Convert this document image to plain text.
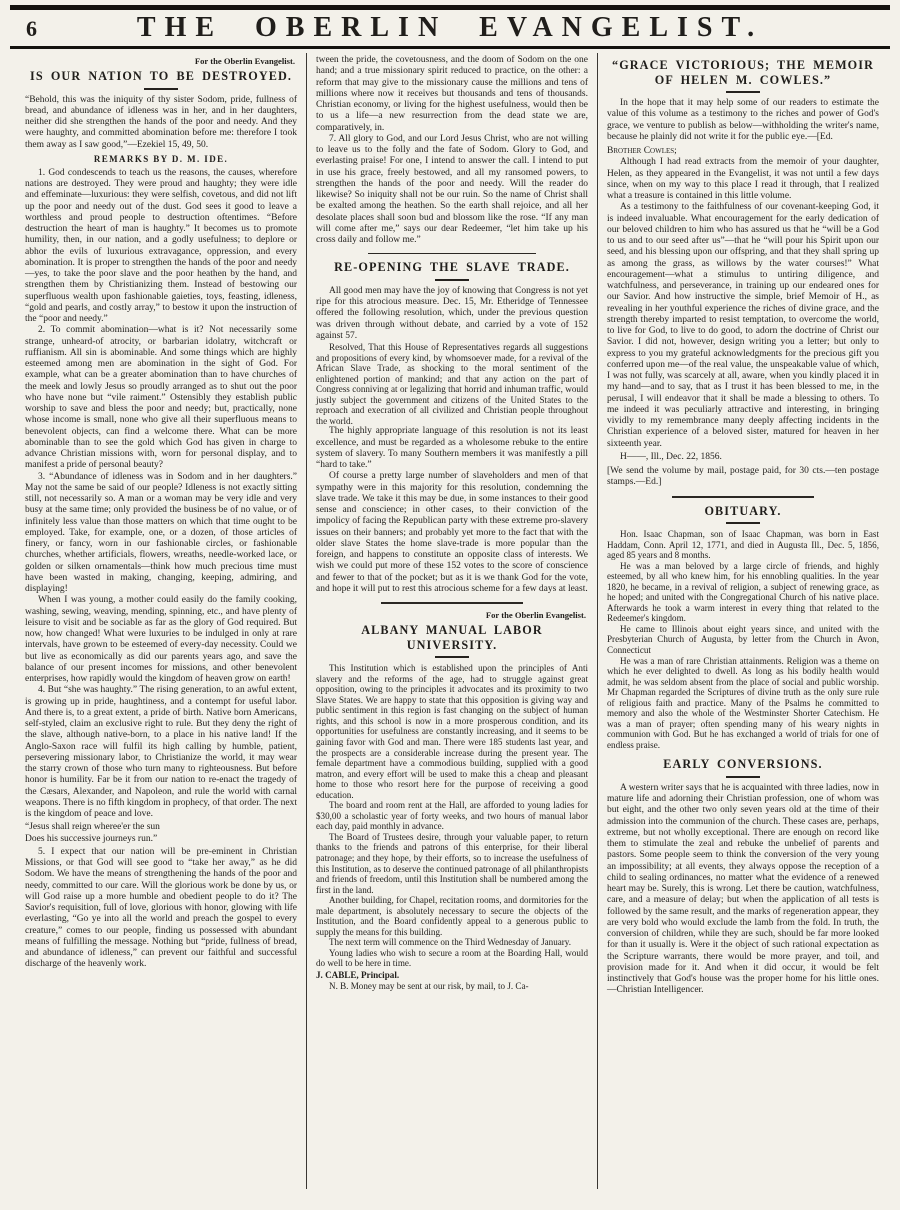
6	THE OBERLIN EVANGELIST.
For the Oberlin Evangelist.
IS OUR NATION TO BE DESTROYED.

“Behold, this was the iniquity of thy sister Sodom, pride, fullness of bread, and abundance of idleness was in her, and in her daughters, neither did she strengthen the hands of the poor and needy. And they were haughty, and committed abomination before me: therefore I took them away as I saw good,”—Ezekiel 15, 49, 50.

REMARKS BY D. M. IDE.

1. God condescends to teach us the reasons, the causes, wherefore nations are destroyed. They were proud and haughty; they were idle and effeminate—luxurious: they were selfish, covetous, and did not lift up the poor and needy out of the dust. God sees it good to leave a worthless and proud people to destruction oftentimes. “Before destruction the heart of man is haughty.” It becomes us to promote humility, then, in our nation, and a godly usefulness; to deplore or abhor the evils of luxurious extravagance, oppression, and every abomination. It is proper to strengthen the hands of the poor and needy—yes, to take the poor slave and the poor heathen by the hand, and strengthen them by Christianizing them. Instead of bestowing our superfluous wealth upon fashionable gaieties, toys, feasting, idleness, “gold and pearls, and costly array,” to bestow it upon the instruction of the “poor and needy.”

2. To commit abomination—what is it? Not necessarily some strange, unheard-of atrocity, or barbarian idolatry, witchcraft or ruffianism. All sin is abominable. And some things which are highly esteemed among men are abomination in the sight of God. For example, what can be a greater abomination than to have churches of the meek and lowly Jesus so proudly arranged as to shut out the poor who have none but “vile raiment.” Ostensibly they establish public worship to save and bless the poor and needy; but, practically, none whose income is small, none who give all their superfluous means to benevolent objects, can find a welcome there. What can be more abominable than to see the gold which God has given in charge to advance Christian missions with, worn for personal display, and to manifest a pride of personal beauty?

3. “Abundance of idleness was in Sodom and in her daughters.” May not the same be said of our people? Idleness is not exactly sitting still, not necessarily so. A man or a woman may be very idle and very busy at the same time; only provided the business be of no value, or of infinitely less value than those matters on which that time ought to be employed. Take, for example, one, or a dozen, of those articles of finery, or fancy, worn in our fashionable circles, or fashionable churches, whether artificials, flowers, wreaths, needle-worked lace, or golden or silken ornamentals—think how much precious time must have been wasted in making, changing, keeping, admiring, and displaying!

When I was young, a mother could easily do the family cooking, washing, sewing, weaving, mending, spinning, etc., and have plenty of leisure to visit and be sociable as far as the glory of God required. But now, how changed! What were luxuries to be indulged in only at rare intervals, have grown to be esteemed of every-day necessity. Could we but live as economically as did our parents years ago, and save the balance of our present incomes for missions, and other benevolent enterprises, how rapidly would the kingdom of heaven grow on earth!

4. But “she was haughty.” The rising generation, to an awful extent, is growing up in pride, haughtiness, and a contempt for useful labor. And there is, to a great extent, a pride of birth. Native born Americans, self-styled, claim an exclusive right to rule. But they deny the right of the slave, although native-born, to a place in his native land! If the Anglo-Saxon race will fulfil its high calling by humble, patient, persevering missionary labor, to Christianize the world, it may wear the starry crown of those who turn many to righteousness. But before honor is humility. Far be it from our nation to re-enact the tragedy of the Cæsars, Alexander, and Napoleon, and rule the world with carnal weapons. There is no fifth kingdom in prophecy, of that order. The next is the kingdom of peace and love.

“Jesus shall reign wheree'er the sun
Does his successive journeys run.”

5. I expect that our nation will be pre-eminent in Christian Missions, or that God will see good to “take her away,” as he did Sodom. We have the means of strengthening the hands of the poor and needy, committed to our care. Will the glorious work be done by us, or will God raise up a more humble and obedient people to do it? The Savior's requisition, full of love, glorious with honor, glowing with life everlasting, “Go ye into all the world and preach the gospel to every creature,” comes to our people, finding us possessed with abundant means of fulfilling the message. Nothing but “pride, fullness of bread, and abundance of idleness,” can prevent our faithful and successful discharge of the heavenly work.

tween the pride, the covetousness, and the doom of Sodom on the one hand; and a true missionary spirit reduced to practice, on the other: a reform that may give to the missionary cause the millions and tens of millions where now it receives but thousands and tens of thousands. Christian economy, or living for the highest usefulness, would then be to us a life—a new resurrection from the dead state we are, comparatively, in.

7. All glory to God, and our Lord Jesus Christ, who are not willing to leave us to the folly and the fate of Sodom. Glory to God, and everlasting praise! For one, I intend to answer the call. I intend to put in use his grace, freely bestowed, and all my ransomed powers, to strengthen the hands of the poor and needy. Will the reader do likewise? So iniquity shall not be our ruin. So the name of Christ shall be exalted among the heathen. So the earth shall rejoice, and all her desolate places shall soon bud and blossom like the rose. “If any man will come after me,” says our dear Redeemer, “let him take up his cross daily and follow me.”

RE-OPENING THE SLAVE TRADE.

All good men may have the joy of knowing that Congress is not yet ripe for this atrocious measure. Dec. 15, Mr. Etheridge of Tennessee offered the following resolution, which, under the previous question was driven through without debate, and carried by a vote of 152 against 57.

Resolved, That this House of Representatives regards all suggestions and propositions of every kind, by whomsoever made, for a revival of the African Slave Trade, as shocking to the moral sentiment of the enlightened portion of mankind; and that any action on the part of Congress conniving at or legalizing that horrid and inhuman traffic, would justly subject the government and citizens of the United States to the reproach and execration of all civilized and Christian people throughout the world.

The highly appropriate language of this resolution is not its least excellence, and must be regarded as a wholesome rebuke to the entire system of slavery. To many Southern members it was manifestly a pill “hard to take.”

Of course a pretty large number of slaveholders and men of that sympathy were in this majority for this resolution, condemning the slave trade. We take it this may be due, in some instances to their good sense and conscience; in other cases, to their conviction of the impolicy of facing the Republican party with these extreme pro-slavery issues on their banners; and probably yet more to the fact that with the older slave States the home slave-trade is more popular than the foreign, and happens to constitute an opposite class of interests. We wish we could put more of these 152 votes to the score of conscience and fewer to that of the pocket; but as it is we thank God for the vote, and hope it will put to rest this atrocious scheme for a few days at least.

For the Oberlin Evangelist.
ALBANY MANUAL LABOR UNIVERSITY.

This Institution which is established upon the principles of Anti slavery and the reforms of the age, had to struggle against great opposition, owing to the principles it advocates and its proximity to two Slave States. We are happy to state that this opposition is giving way and public sentiment in this region is fast changing on the subject of human rights, and this school is now in a more prosperous condition, and its opportunities for usefulness are constantly increasing, and it seems to be gaining favor with God and man. There were 185 students last year, and the prospects are a considerable increase during the present year. The female department have a commodious building, supplied with a good matron, and every effort will be used to make this a cheap and pleasant home to those who resort here for the purpose of receiving a good education.

The board and room rent at the Hall, are afforded to young ladies for $30,00 a scholastic year of forty weeks, and two hours of manual labor each day, paid monthly in advance.

The Board of Trustees desire, through your valuable paper, to return thanks to the friends and patrons of this enterprise, for their liberal patronage; and they hope, by their efforts, so to increase the usefulness of this Institution, as to deserve the continued patronage of all philanthropists and friends of freedom, until this Institution shall be numbered among the first in the land.

Another building, for Chapel, recitation rooms, and dormitories for the male department, is absolutely necessary to secure the objects of the Institution, and the Board confidently appeal to a generous public to supply the means for this building.

The next term will commence on the Third Wednesday of January.

Young ladies who wish to secure a room at the Boarding Hall, would do well to be here in time.

J. CABLE, Principal.

N. B. Money may be sent at our risk, by mail, to J. Ca-

“GRACE VICTORIOUS; THE MEMOIR OF HELEN M. COWLES.”

In the hope that it may help some of our readers to estimate the value of this volume as a testimony to the riches and power of God's grace, we venture to publish as below—withholding the writer's name, because he plainly did not write it for the public eye.—[Ed.

Brother Cowles;

Although I had read extracts from the memoir of your daughter, Helen, as they appeared in the Evangelist, it was not until a few days since, when on my way to this place I read it through, that I realized what a treasure is contained in this little volume.

As a testimony to the faithfulness of our covenant-keeping God, it is indeed invaluable. What encouragement for the early dedication of our beloved children to him who has assured us that he “will be a God to us and to our seed after us”—that he “will pour his Spirit upon our seed, and his blessing upon our offspring, and that they shall spring up as among the grass, as willows by the water courses!” What encouragement—what a stimulus to untiring diligence, and watchfulness, and perseverance, in training up our endeared ones for our Savior. And how instructive the simple, brief Memoir of H., as revealing in her youthful experience the riches of divine grace, and the strength thereby imparted to resist temptation, to overcome the world, to live for God, to live to do good, to adorn the doctrine of Christ our Savior. I did not, however, design writing you a letter; but only to express to you my grateful acknowledgments for the precious gift you conferred upon me—of the real value, the unspeakable value of which, I was not fully, was scarcely at all, aware, when you kindly placed it in my hand—and to say, that as I trust it has been blessed to me, in the perusal, I will endeavor that it shall be made a blessing to others. To me indeed it was peculiarly attractive and interesting, in bringing vividly to my remembrance many deeply affecting incidents in the Christian experience of a beloved sister, matured for heaven in her sixteenth year.

H——, Ill., Dec. 22, 1856.

[We send the volume by mail, postage paid, for 30 cts.—ten postage stamps.—Ed.]

OBITUARY.

Hon. Isaac Chapman, son of Isaac Chapman, was born in East Haddam, Conn. April 12, 1771, and died in Augusta Ill., Dec. 5, 1856, aged 85 years and 8 months.

He was a man beloved by a large circle of friends, and highly esteemed, by all who knew him, for his ennobling qualities. In the year 1820, he became, in a revival of religion, a subject of renewing grace, as he hoped; and united with the Congregational Church of his native place. Afterwards he took a warm interest in every thing that related to the Redeemer's kingdom.

He came to Illinois about eight years since, and united with the Presbyterian Church of Augusta, by letter from the Church in Avon, Connecticut

He was a man of rare Christian attainments. Religion was a theme on which he ever delighted to dwell. As long as his bodily health would admit, he was seldom absent from the place of social and public worship. Mr Chapman regarded the Scriptures of divine truth as the only sure rule of religious faith and practice. Many of the Psalms he committed to memory and also the whole of the Westminster Shorter Catechism. He was a man of prayer; often spending many of his weary nights in communion with God. But he has exchanged a world of trials for one of endless praise.

EARLY CONVERSIONS.

A western writer says that he is acquainted with three ladies, now in mature life and adorning their Christian profession, one of whom was but eight, and the other two only seven years old at the time of their admission into the communion of the church. These cases are, perhaps, extreme, but not wholly exceptional. There are enough on record like them to stimulate the zeal and rebuke the unbelief of parents and pastors. Some people seem to think the conversion of the very young an impossibility; at all events, they always oppose the reception of a child to sealing ordinances, no matter what the evidence of a renewed heart may be. Surely, this is wrong. Let there be caution, watchfulness, care, and a measure of delay; but when the application of all tests is followed by the same result, and the marks of regeneration appear, they are very bold who would exclude the lamb from the fold. In truth, the conversion of children, while they are such, should be far more looked for than it usually is. Were it the object of such rational expectation as the Scripture warrants, there would be more prayer, and toil, and provision made for it. And when it did occur, it would be felt instinctively that God's house was the proper home for his little ones.—Christian Intelligencer.
